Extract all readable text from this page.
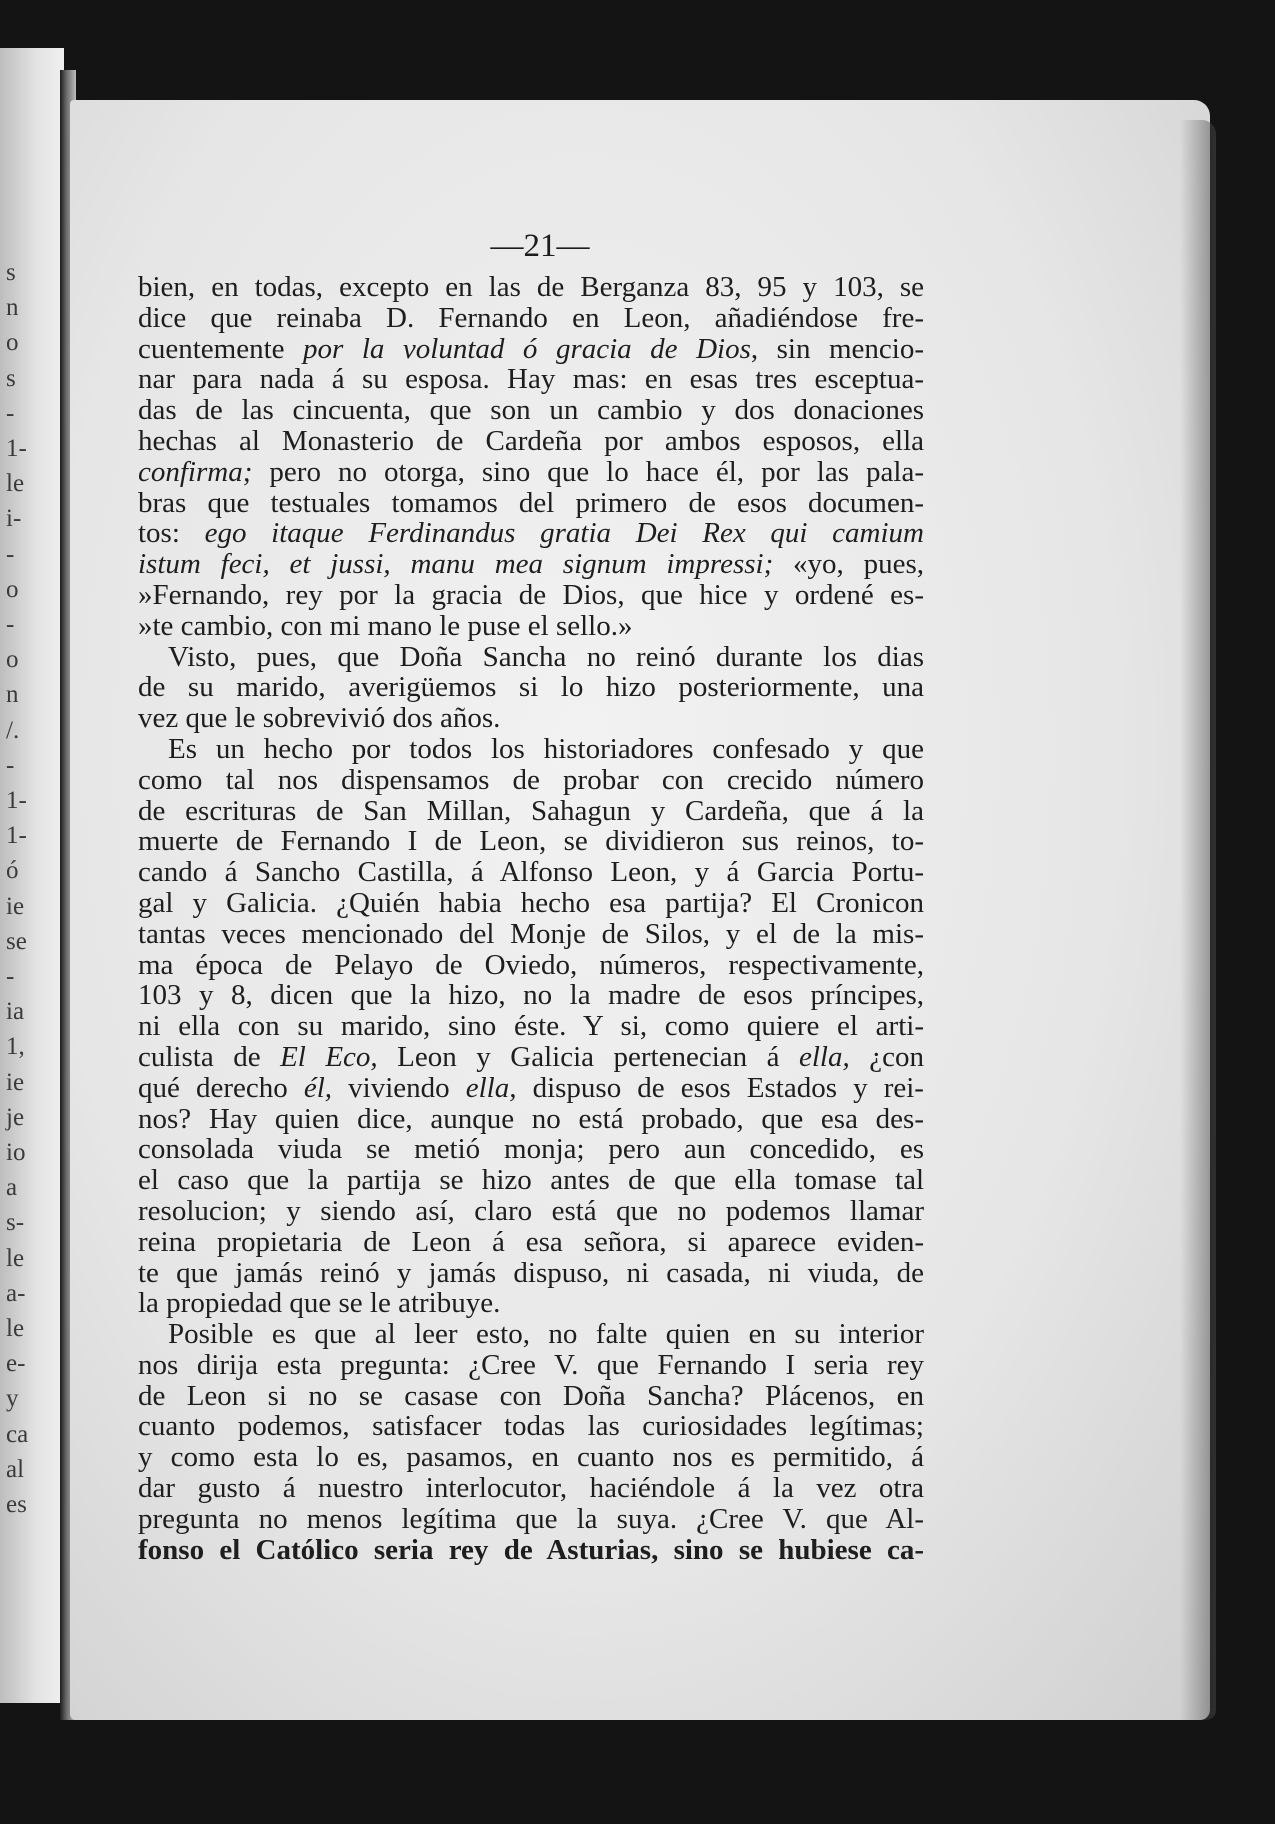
s
n
o
s
-
1-
le
i-
-
o
-
o
n
/.
-
1-
1-
ó
ie
se
-
ia
1,
ie
je
io
a
s-
le
a-
le
e-
y
ca
al
es
—21—
bien, en todas, excepto en las de Berganza 83, 95 y 103, se
dice que reinaba D. Fernando en Leon, añadiéndose fre-
cuentemente por la voluntad ó gracia de Dios, sin mencio-
nar para nada á su esposa. Hay mas: en esas tres esceptua-
das de las cincuenta, que son un cambio y dos donaciones
hechas al Monasterio de Cardeña por ambos esposos, ella
confirma; pero no otorga, sino que lo hace él, por las pala-
bras que testuales tomamos del primero de esos documen-
tos: ego itaque Ferdinandus gratia Dei Rex qui camium
istum feci, et jussi, manu mea signum impressi; «yo, pues,
»Fernando, rey por la gracia de Dios, que hice y ordené es-
»te cambio, con mi mano le puse el sello.»
Visto, pues, que Doña Sancha no reinó durante los dias
de su marido, averigüemos si lo hizo posteriormente, una
vez que le sobrevivió dos años.
Es un hecho por todos los historiadores confesado y que
como tal nos dispensamos de probar con crecido número
de escrituras de San Millan, Sahagun y Cardeña, que á la
muerte de Fernando I de Leon, se dividieron sus reinos, to-
cando á Sancho Castilla, á Alfonso Leon, y á Garcia Portu-
gal y Galicia. ¿Quién habia hecho esa partija? El Cronicon
tantas veces mencionado del Monje de Silos, y el de la mis-
ma época de Pelayo de Oviedo, números, respectivamente,
103 y 8, dicen que la hizo, no la madre de esos príncipes,
ni ella con su marido, sino éste. Y si, como quiere el arti-
culista de El Eco, Leon y Galicia pertenecian á ella, ¿con
qué derecho él, viviendo ella, dispuso de esos Estados y rei-
nos? Hay quien dice, aunque no está probado, que esa des-
consolada viuda se metió monja; pero aun concedido, es
el caso que la partija se hizo antes de que ella tomase tal
resolucion; y siendo así, claro está que no podemos llamar
reina propietaria de Leon á esa señora, si aparece eviden-
te que jamás reinó y jamás dispuso, ni casada, ni viuda, de
la propiedad que se le atribuye.
Posible es que al leer esto, no falte quien en su interior
nos dirija esta pregunta: ¿Cree V. que Fernando I seria rey
de Leon si no se casase con Doña Sancha? Plácenos, en
cuanto podemos, satisfacer todas las curiosidades legítimas;
y como esta lo es, pasamos, en cuanto nos es permitido, á
dar gusto á nuestro interlocutor, haciéndole á la vez otra
pregunta no menos legítima que la suya. ¿Cree V. que Al-
fonso el Católico seria rey de Asturias, sino se hubiese ca-
